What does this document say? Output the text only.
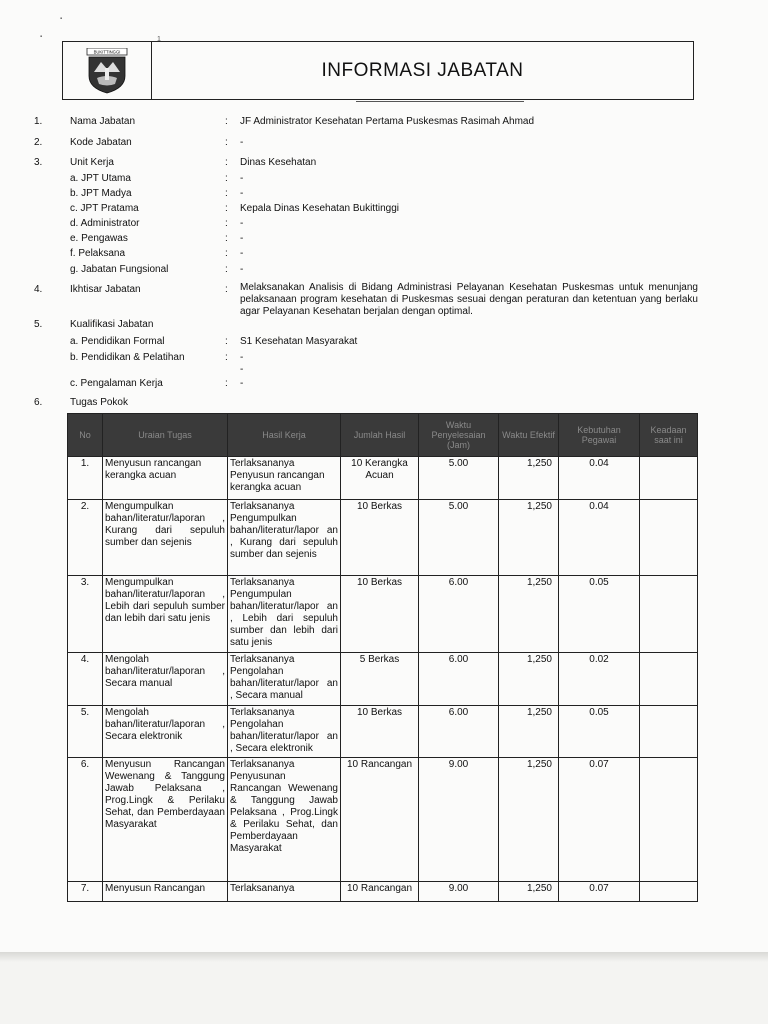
▪
▪	1
BUKITTINGGI
INFORMASI JABATAN
1.	Nama Jabatan	: JF Administrator Kesehatan Pertama Puskesmas Rasimah Ahmad
2.	Kode Jabatan	: -
3.	Unit Kerja	: Dinas Kesehatan
a. JPT Utama	: -
b. JPT Madya	: -
c. JPT Pratama	: Kepala Dinas Kesehatan Bukittinggi
d. Administrator	: -
e. Pengawas	: -
f. Pelaksana	: -
g. Jabatan Fungsional	: -
4.	Ikhtisar Jabatan	: Melaksanakan Analisis di Bidang Administrasi Pelayanan Kesehatan Puskesmas untuk menunjang pelaksanaan program kesehatan di Puskesmas sesuai dengan peraturan dan ketentuan yang berlaku agar Pelayanan Kesehatan berjalan dengan optimal.

5.	Kualifikasi Jabatan
a. Pendidikan Formal	: S1 Kesehatan Masyarakat
b. Pendidikan & Pelatihan	: -
-
c. Pengalaman Kerja	: -
6.	Tugas Pokok
No	Uraian Tugas	Hasil Kerja	Jumlah Hasil	Waktu Penyelesaian (Jam)	Waktu Efektif	Kebutuhan Pegawai	Keadaan saat ini
1.	Menyusun rancangan kerangka acuan	Terlaksananya Penyusun rancangan kerangka acuan	10 Kerangka Acuan	5.00	1,250	0.04	
2.	Mengumpulkan bahan/literatur/laporan , Kurang dari sepuluh sumber dan sejenis	Terlaksananya Pengumpulkan bahan/literatur/lapor an , Kurang dari sepuluh sumber dan sejenis	10 Berkas	5.00	1,250	0.04	
3.	Mengumpulkan bahan/literatur/laporan , Lebih dari sepuluh sumber dan lebih dari satu jenis	Terlaksananya Pengumpulan bahan/literatur/lapor an , Lebih dari sepuluh sumber dan lebih dari satu jenis	10 Berkas	6.00	1,250	0.05	
4.	Mengolah bahan/literatur/laporan , Secara manual	Terlaksananya Pengolahan bahan/literatur/lapor an , Secara manual	5 Berkas	6.00	1,250	0.02	
5.	Mengolah bahan/literatur/laporan , Secara elektronik	Terlaksananya Pengolahan bahan/literatur/lapor an , Secara elektronik	10 Berkas	6.00	1,250	0.05	
6.	Menyusun Rancangan Wewenang & Tanggung Jawab Pelaksana , Prog.Lingk & Perilaku Sehat, dan Pemberdayaan Masyarakat	Terlaksananya Penyusunan Rancangan Wewenang & Tanggung Jawab Pelaksana , Prog.Lingk & Perilaku Sehat, dan Pemberdayaan Masyarakat	10 Rancangan	9.00	1,250	0.07	
7.	Menyusun Rancangan	Terlaksananya	10 Rancangan	9.00	1,250	0.07	
